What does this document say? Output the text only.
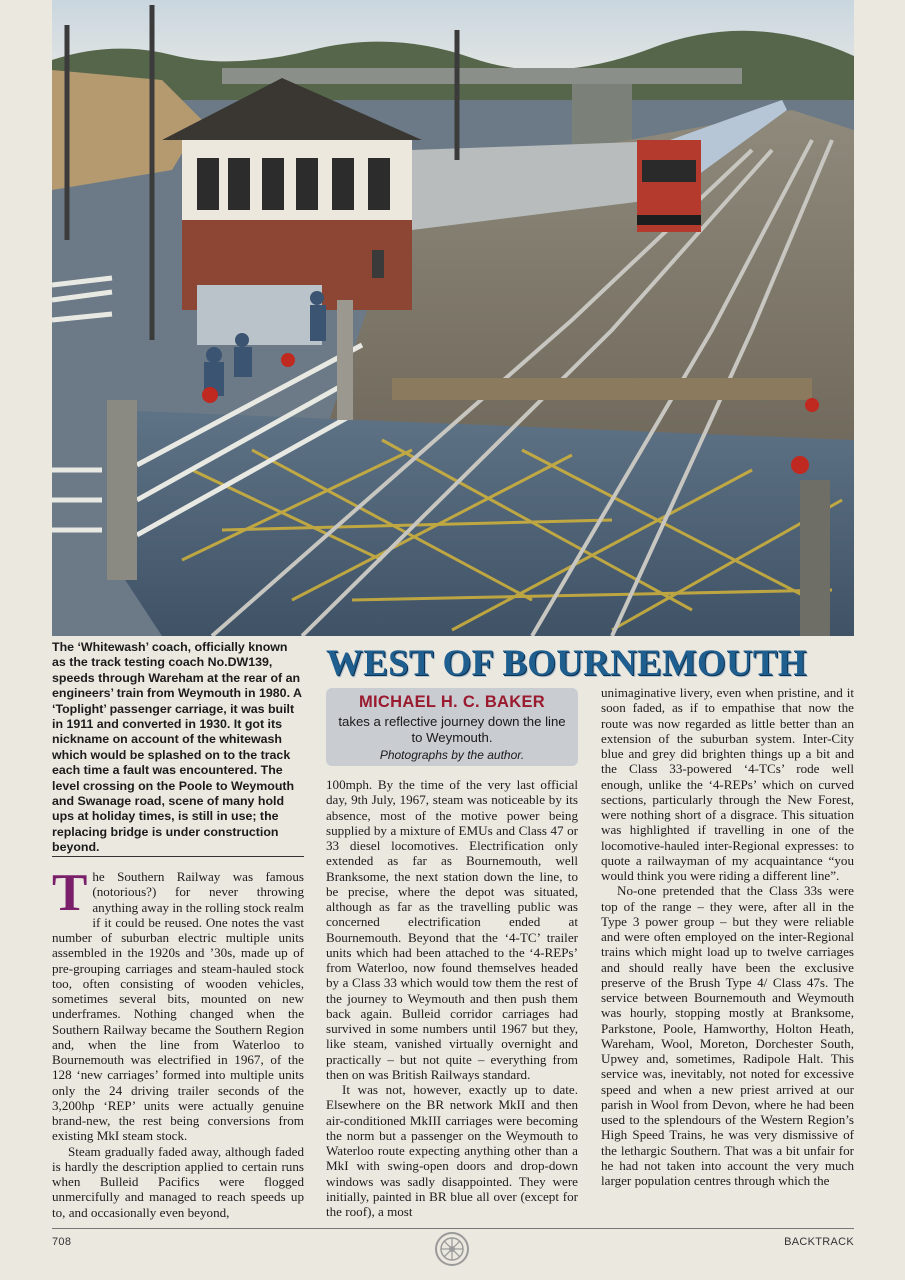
The ‘Whitewash’ coach, officially known as the track testing coach No.DW139, speeds through Wareham at the rear of an engineers’ train from Weymouth in 1980. A ‘Toplight’ passenger carriage, it was built in 1911 and converted in 1930. It got its nickname on account of the whitewash which would be splashed on to the track each time a fault was encountered. The level crossing on the Poole to Weymouth and Swanage road, scene of many hold ups at holiday times, is still in use; the replacing bridge is under construction beyond.

WEST OF BOURNEMOUTH
MICHAEL H. C. BAKER
takes a reflective journey down the line to Weymouth.
Photographs by the author.

The Southern Railway was famous (notorious?) for never throwing anything away in the rolling stock realm if it could be reused. One notes the vast number of suburban electric multiple units assembled in the 1920s and ’30s, made up of pre-grouping carriages and steam-hauled stock too, often consisting of wooden vehicles, sometimes several bits, mounted on new underframes. Nothing changed when the Southern Railway became the Southern Region and, when the line from Waterloo to Bournemouth was electrified in 1967, of the 128 ‘new carriages’ formed into multiple units only the 24 driving trailer seconds of the 3,200hp ‘REP’ units were actually genuine brand-new, the rest being conversions from existing MkI steam stock.

Steam gradually faded away, although faded is hardly the description applied to certain runs when Bulleid Pacifics were flogged unmercifully and managed to reach speeds up to, and occasionally even beyond,

100mph. By the time of the very last official day, 9th July, 1967, steam was noticeable by its absence, most of the motive power being supplied by a mixture of EMUs and Class 47 or 33 diesel locomotives. Electrification only extended as far as Bournemouth, well Branksome, the next station down the line, to be precise, where the depot was situated, although as far as the travelling public was concerned electrification ended at Bournemouth. Beyond that the ‘4-TC’ trailer units which had been attached to the ‘4-REPs’ from Waterloo, now found themselves headed by a Class 33 which would tow them the rest of the journey to Weymouth and then push them back again. Bulleid corridor carriages had survived in some numbers until 1967 but they, like steam, vanished virtually overnight and practically – but not quite – everything from then on was British Railways standard.

It was not, however, exactly up to date. Elsewhere on the BR network MkII and then air-conditioned MkIII carriages were becoming the norm but a passenger on the Weymouth to Waterloo route expecting anything other than a MkI with swing-open doors and drop-down windows was sadly disappointed. They were initially, painted in BR blue all over (except for the roof), a most

unimaginative livery, even when pristine, and it soon faded, as if to empathise that now the route was now regarded as little better than an extension of the suburban system. Inter-City blue and grey did brighten things up a bit and the Class 33-powered ‘4-TCs’ rode well enough, unlike the ‘4-REPs’ which on curved sections, particularly through the New Forest, were nothing short of a disgrace. This situation was highlighted if travelling in one of the locomotive-hauled inter-Regional expresses: to quote a railwayman of my acquaintance “you would think you were riding a different line”.

No-one pretended that the Class 33s were top of the range – they were, after all in the Type 3 power group – but they were reliable and were often employed on the inter-Regional trains which might load up to twelve carriages and should really have been the exclusive preserve of the Brush Type 4/ Class 47s. The service between Bournemouth and Weymouth was hourly, stopping mostly at Branksome, Parkstone, Poole, Hamworthy, Holton Heath, Wareham, Wool, Moreton, Dorchester South, Upwey and, sometimes, Radipole Halt. This service was, inevitably, not noted for excessive speed and when a new priest arrived at our parish in Wool from Devon, where he had been used to the splendours of the Western Region’s High Speed Trains, he was very dismissive of the lethargic Southern. That was a bit unfair for he had not taken into account the very much larger population centres through which the

708	BACKTRACK
